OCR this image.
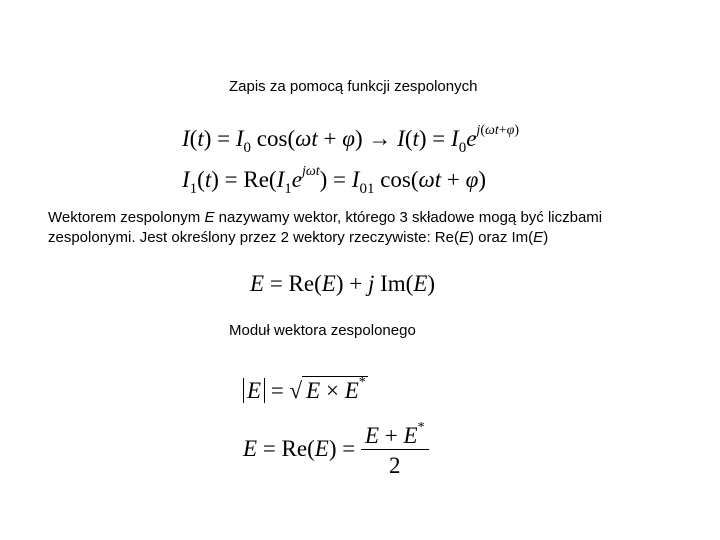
Zapis za pomocą funkcji zespolonych
$I(t) = I_0$ $\cos(\omega t + \varphi) \to I(t) = I_0e^{j(\omega t+\varphi)}$
$I_1(t) = Re(I_1e^{j\omega t}) = I_{01}$ cos(ωt + φ)
Wektorem zespolonym E nazywamy wektor, którego 3 składowe mogą być liczbami zespolonymi. Jest określony przez 2 wektory rzeczywiste: Re(E) oraz Im(E)
E = Re(E) + j Im(E)
Moduł wektora zespolonego
E = √ E × E*
$E = Re(E) = \frac{E + E^*}{2}$
